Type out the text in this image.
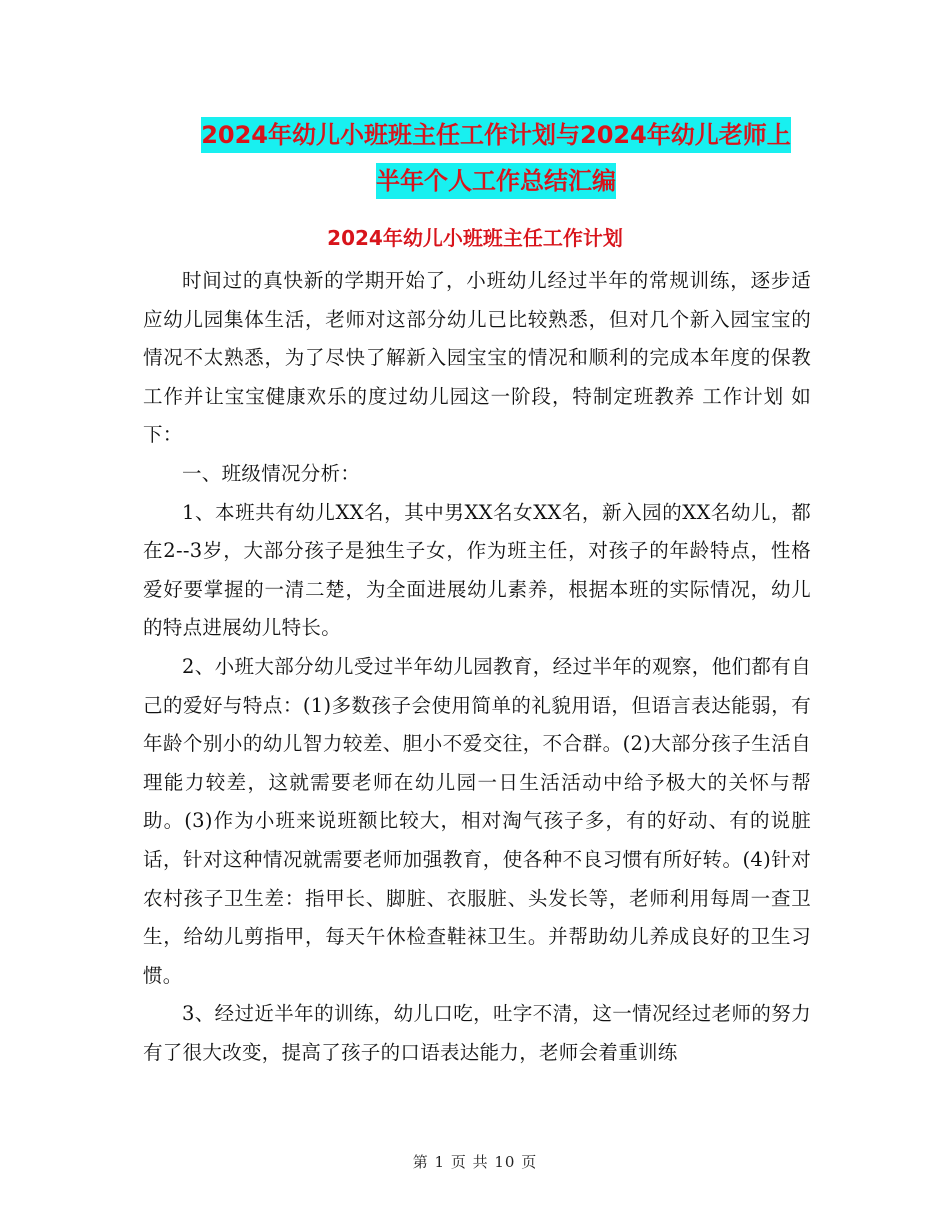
2024年幼儿小班班主任工作计划与2024年幼儿老师上
半年个人工作总结汇编
2024年幼儿小班班主任工作计划

时间过的真快新的学期开始了，小班幼儿经过半年的常规训练，逐步适应幼儿园集体生活，老师对这部分幼儿已比较熟悉，但对几个新入园宝宝的情况不太熟悉，为了尽快了解新入园宝宝的情况和顺利的完成本年度的保教工作并让宝宝健康欢乐的度过幼儿园这一阶段，特制定班教养 工作计划 如下：

一、班级情况分析：

1、本班共有幼儿XX名，其中男XX名女XX名，新入园的XX名幼儿，都在2--3岁，大部分孩子是独生子女，作为班主任，对孩子的年龄特点，性格爱好要掌握的一清二楚，为全面进展幼儿素养，根据本班的实际情况，幼儿的特点进展幼儿特长。

2、小班大部分幼儿受过半年幼儿园教育，经过半年的观察，他们都有自己的爱好与特点：(1)多数孩子会使用简单的礼貌用语，但语言表达能弱，有年龄个别小的幼儿智力较差、胆小不爱交往，不合群。(2)大部分孩子生活自理能力较差，这就需要老师在幼儿园一日生活活动中给予极大的关怀与帮助。(3)作为小班来说班额比较大，相对淘气孩子多，有的好动、有的说脏话，针对这种情况就需要老师加强教育，使各种不良习惯有所好转。(4)针对农村孩子卫生差：指甲长、脚脏、衣服脏、头发长等，老师利用每周一查卫生，给幼儿剪指甲，每天午休检查鞋袜卫生。并帮助幼儿养成良好的卫生习惯。

3、经过近半年的训练，幼儿口吃，吐字不清，这一情况经过老师的努力有了很大改变，提高了孩子的口语表达能力，老师会着重训练

第 1 页 共 10 页
